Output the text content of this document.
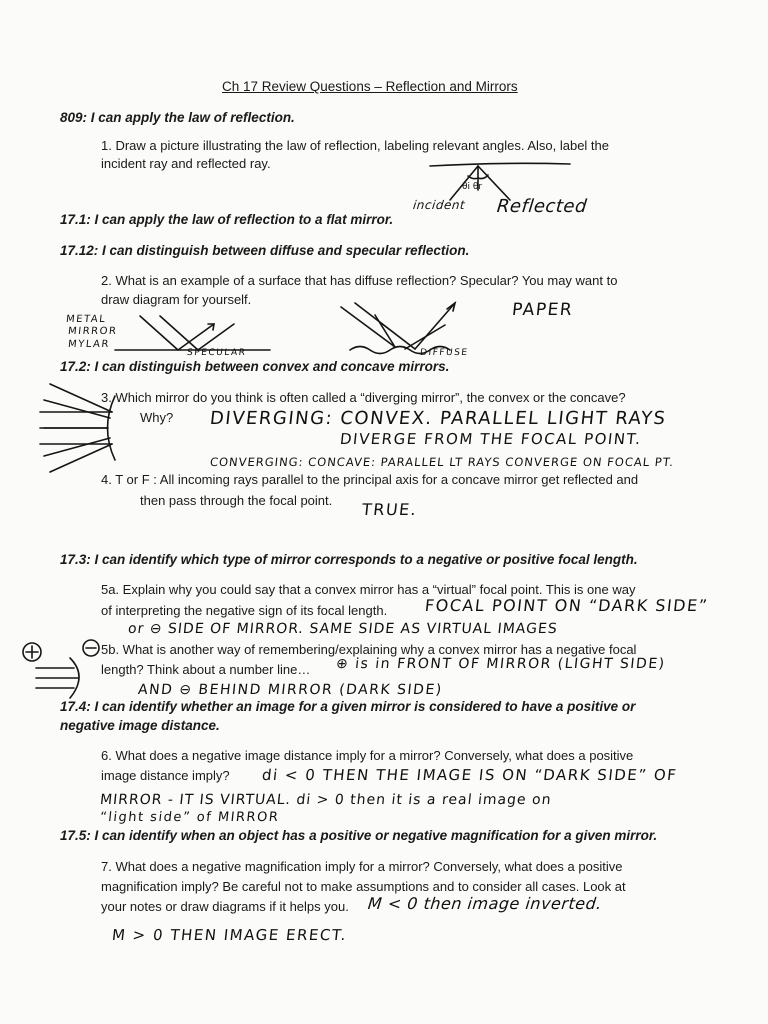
Ch 17 Review Questions – Reflection and Mirrors
809: I can apply the law of reflection.
1. Draw a picture illustrating the law of reflection, labeling relevant angles. Also, label the
incident ray and reflected ray.
θi θr
incident Reflected
17.1: I can apply the law of reflection to a flat mirror.
17.12: I can distinguish between diffuse and specular reflection.
2. What is an example of a surface that has diffuse reflection? Specular? You may want to
draw diagram for yourself.
METAL
MIRROR
MYLAR
SPECULAR	DIFFUSE
PAPER
17.2: I can distinguish between convex and concave mirrors.
3. Which mirror do you think is often called a “diverging mirror”, the convex or the concave?
Why? DIVERGING: CONVEX. PARALLEL LIGHT RAYS
DIVERGE FROM THE FOCAL POINT.
CONVERGING: CONCAVE: PARALLEL LT RAYS CONVERGE ON FOCAL PT.
4. T or F : All incoming rays parallel to the principal axis for a concave mirror get reflected and
then pass through the focal point. TRUE.
17.3: I can identify which type of mirror corresponds to a negative or positive focal length.
5a. Explain why you could say that a convex mirror has a “virtual” focal point. This is one way
of interpreting the negative sign of its focal length. FOCAL POINT ON “DARK SIDE”
or ⊖ SIDE OF MIRROR. SAME SIDE AS VIRTUAL IMAGES
5b. What is another way of remembering/explaining why a convex mirror has a negative focal
length? Think about a number line… ⊕ is in FRONT OF MIRROR (LIGHT SIDE)
AND ⊖ BEHIND MIRROR (DARK SIDE)
17.4: I can identify whether an image for a given mirror is considered to have a positive or
negative image distance.
6. What does a negative image distance imply for a mirror? Conversely, what does a positive
image distance imply? di < 0 THEN THE IMAGE IS ON “DARK SIDE” OF
MIRROR - IT IS VIRTUAL. di > 0 then it is a real image on
“light side” of MIRROR
17.5: I can identify when an object has a positive or negative magnification for a given mirror.
7. What does a negative magnification imply for a mirror? Conversely, what does a positive
magnification imply? Be careful not to make assumptions and to consider all cases. Look at
your notes or draw diagrams if it helps you. M < 0 then image inverted.
M > 0 THEN IMAGE ERECT.
